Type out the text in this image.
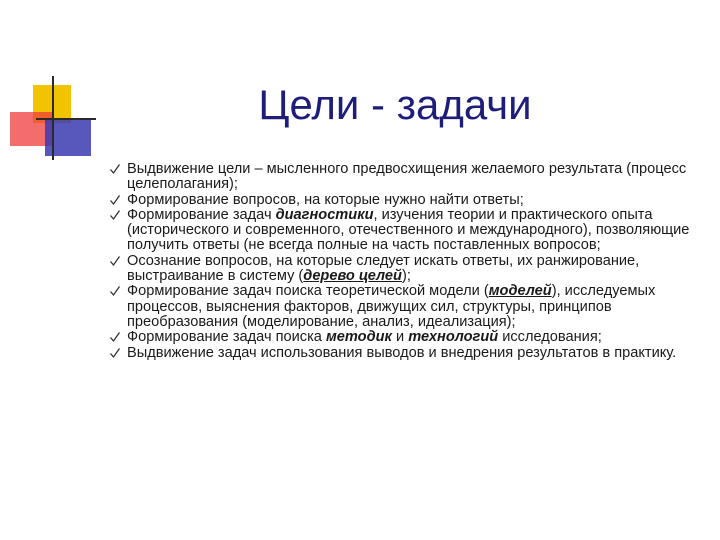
Цели - задачи
Выдвижение цели – мысленного предвосхищения желаемого результата (процесс целеполагания);
Формирование вопросов, на которые нужно найти ответы;
Формирование задач диагностики, изучения теории и практического опыта (исторического и современного, отечественного и международного), позволяющие получить ответы (не всегда полные на часть поставленных вопросов;
Осознание вопросов, на которые следует искать ответы, их ранжирование, выстраивание в систему (дерево целей);
Формирование задач поиска теоретической модели (моделей), исследуемых процессов, выяснения факторов, движущих сил, структуры, принципов преобразования (моделирование, анализ, идеализация);
Формирование задач поиска методик и технологий исследования;
Выдвижение задач использования выводов и внедрения результатов в практику.
